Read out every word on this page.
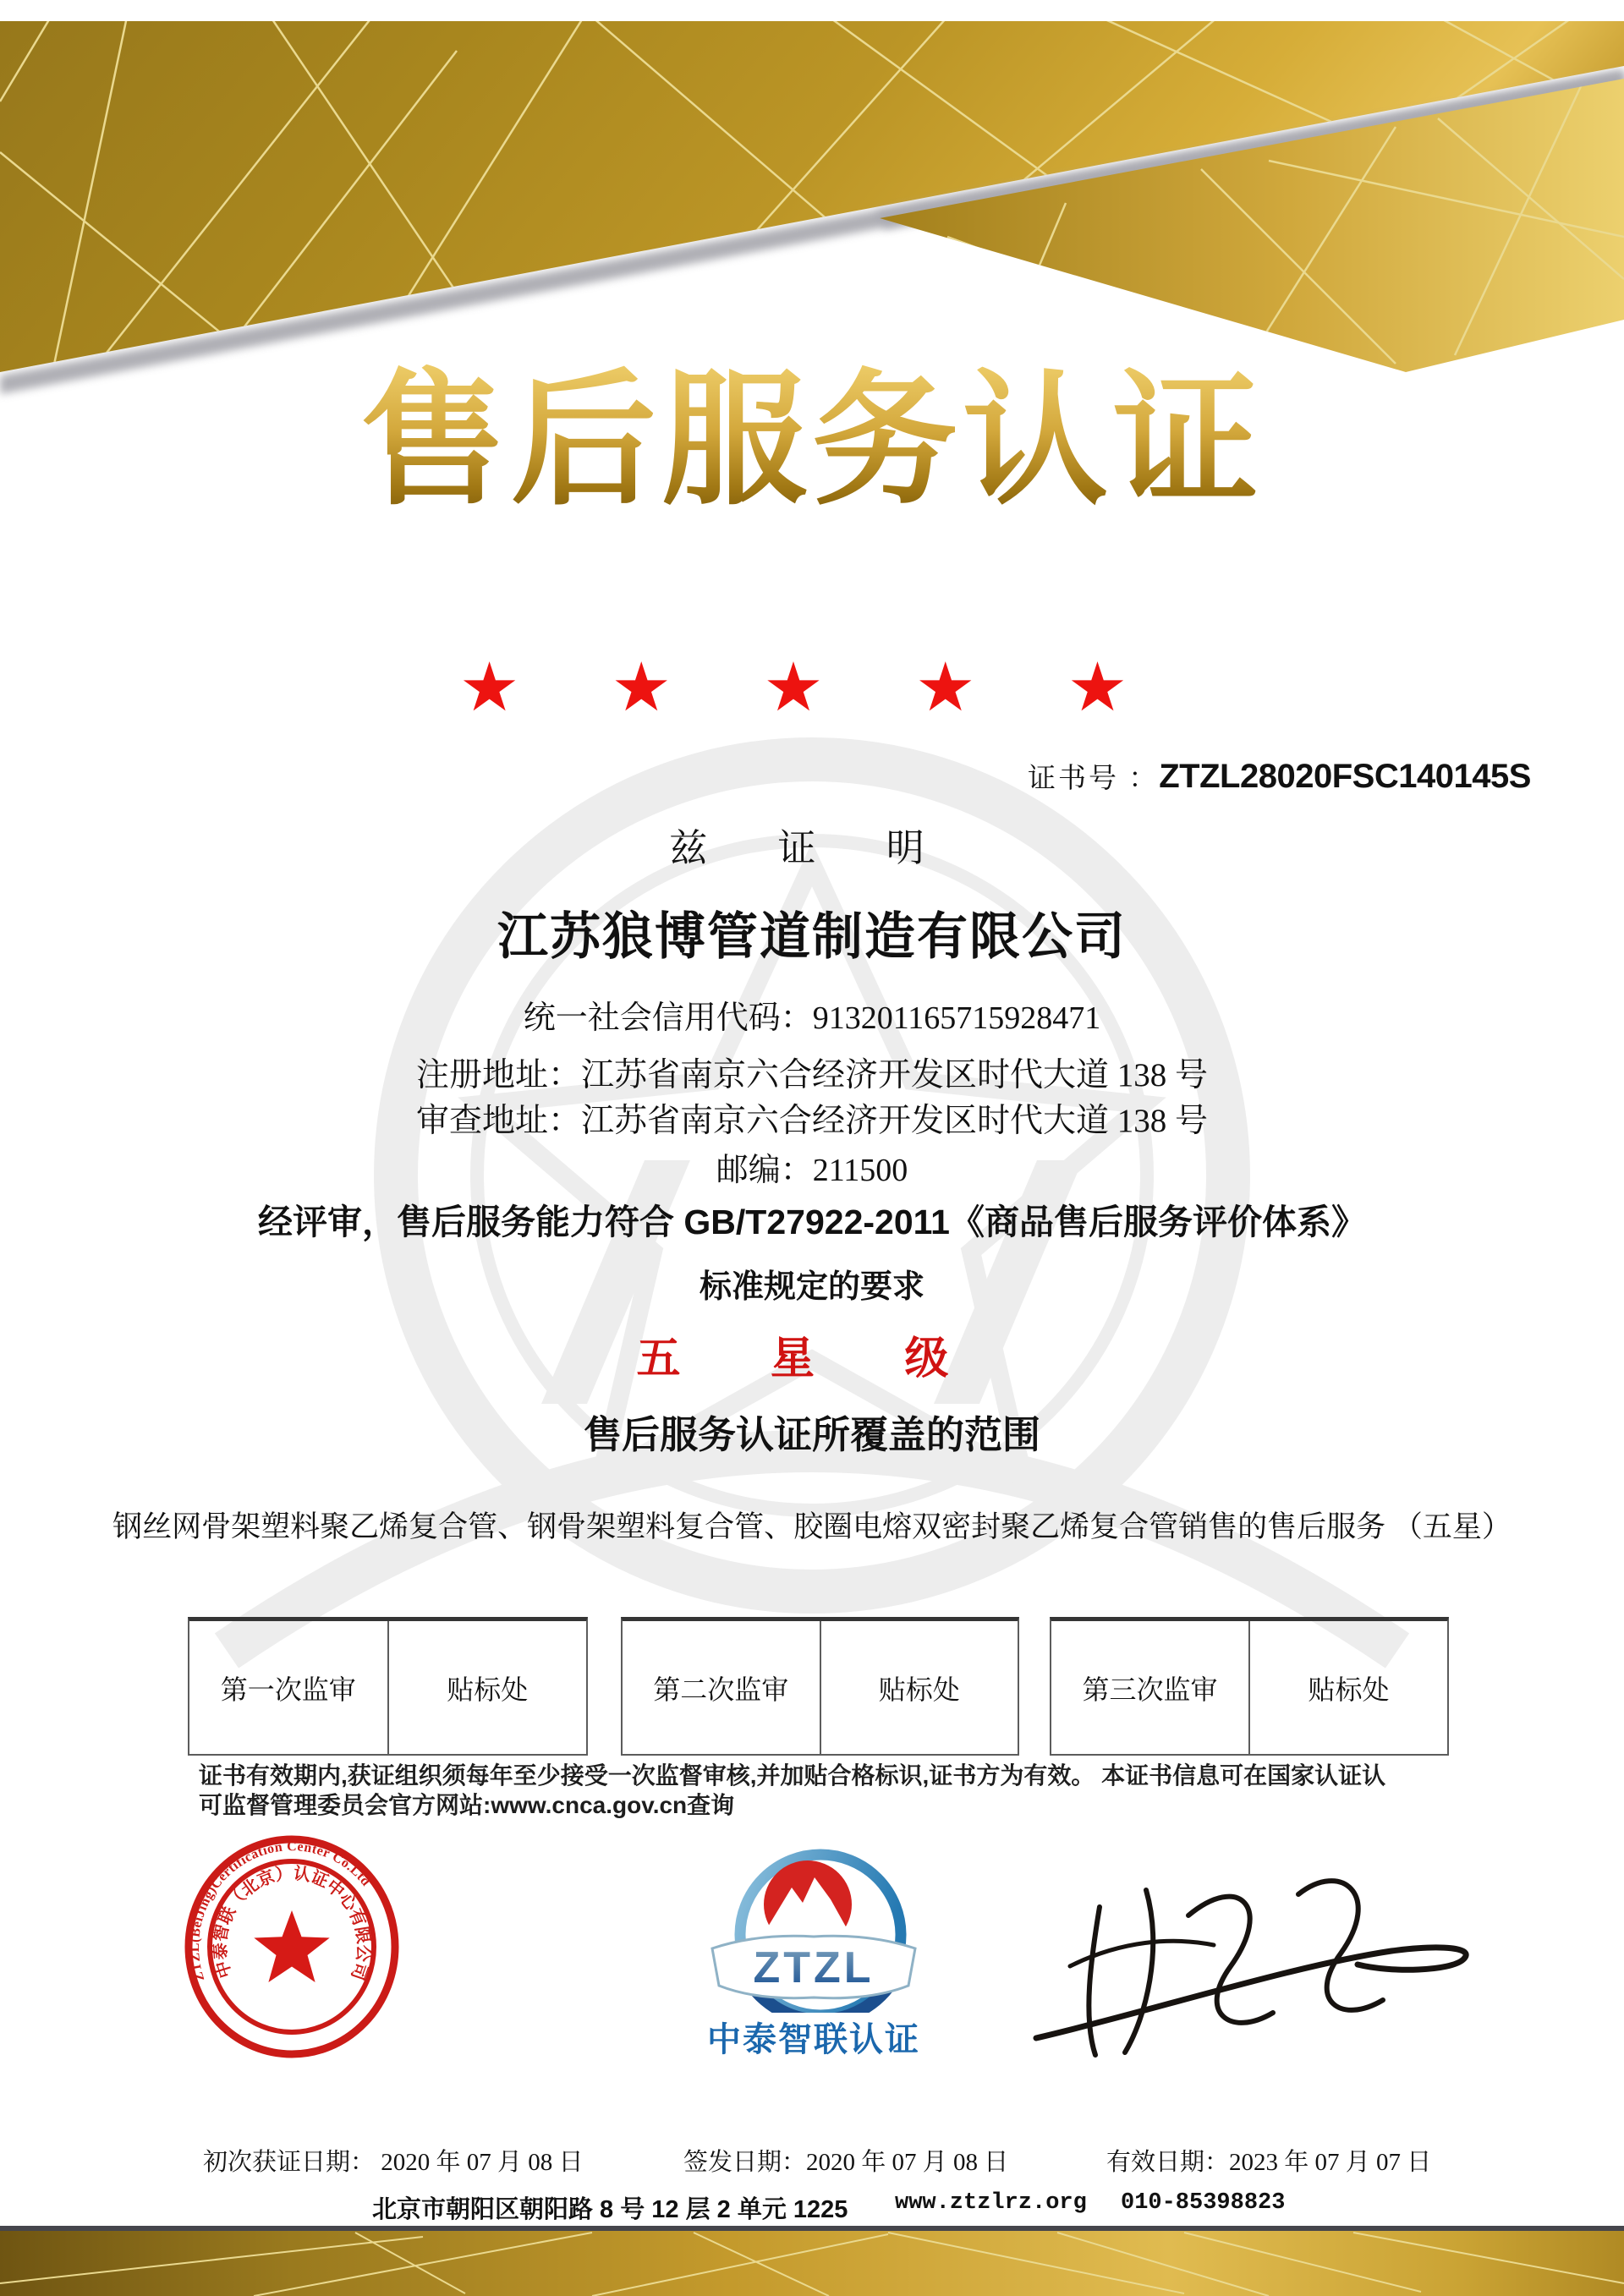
售后服务认证
★ ★ ★ ★ ★
证书号 ：ZTZL28020FSC140145S
兹 证 明
江苏狼博管道制造有限公司
统一社会信用代码：913201165715928471
注册地址：江苏省南京六合经济开发区时代大道 138 号
审查地址：江苏省南京六合经济开发区时代大道 138 号
邮编：211500
经评审，售后服务能力符合 GB/T27922-2011《商品售后服务评价体系》
标准规定的要求
五 星 级
售后服务认证所覆盖的范围
钢丝网骨架塑料聚乙烯复合管、钢骨架塑料复合管、胶圈电熔双密封聚乙烯复合管销售的售后服务 （五星）
第一次监审	贴标处	第二次监审	贴标处	第三次监审	贴标处
证书有效期内,获证组织须每年至少接受一次监督审核,并加贴合格标识,证书方为有效。 本证书信息可在国家认证认
可监督管理委员会官方网站:www.cnca.gov.cn查询
ZTZL(BeiJing)Certification Center Co.Ltd
中泰智联（北京）认证中心有限公司	ZTZL
中泰智联认证
初次获证日期： 2020 年 07 月 08 日	签发日期：2020 年 07 月 08 日	有效日期：2023 年 07 月 07 日
北京市朝阳区朝阳路 8 号 12 层 2 单元 1225 www.ztzlrz.org 010-85398823
